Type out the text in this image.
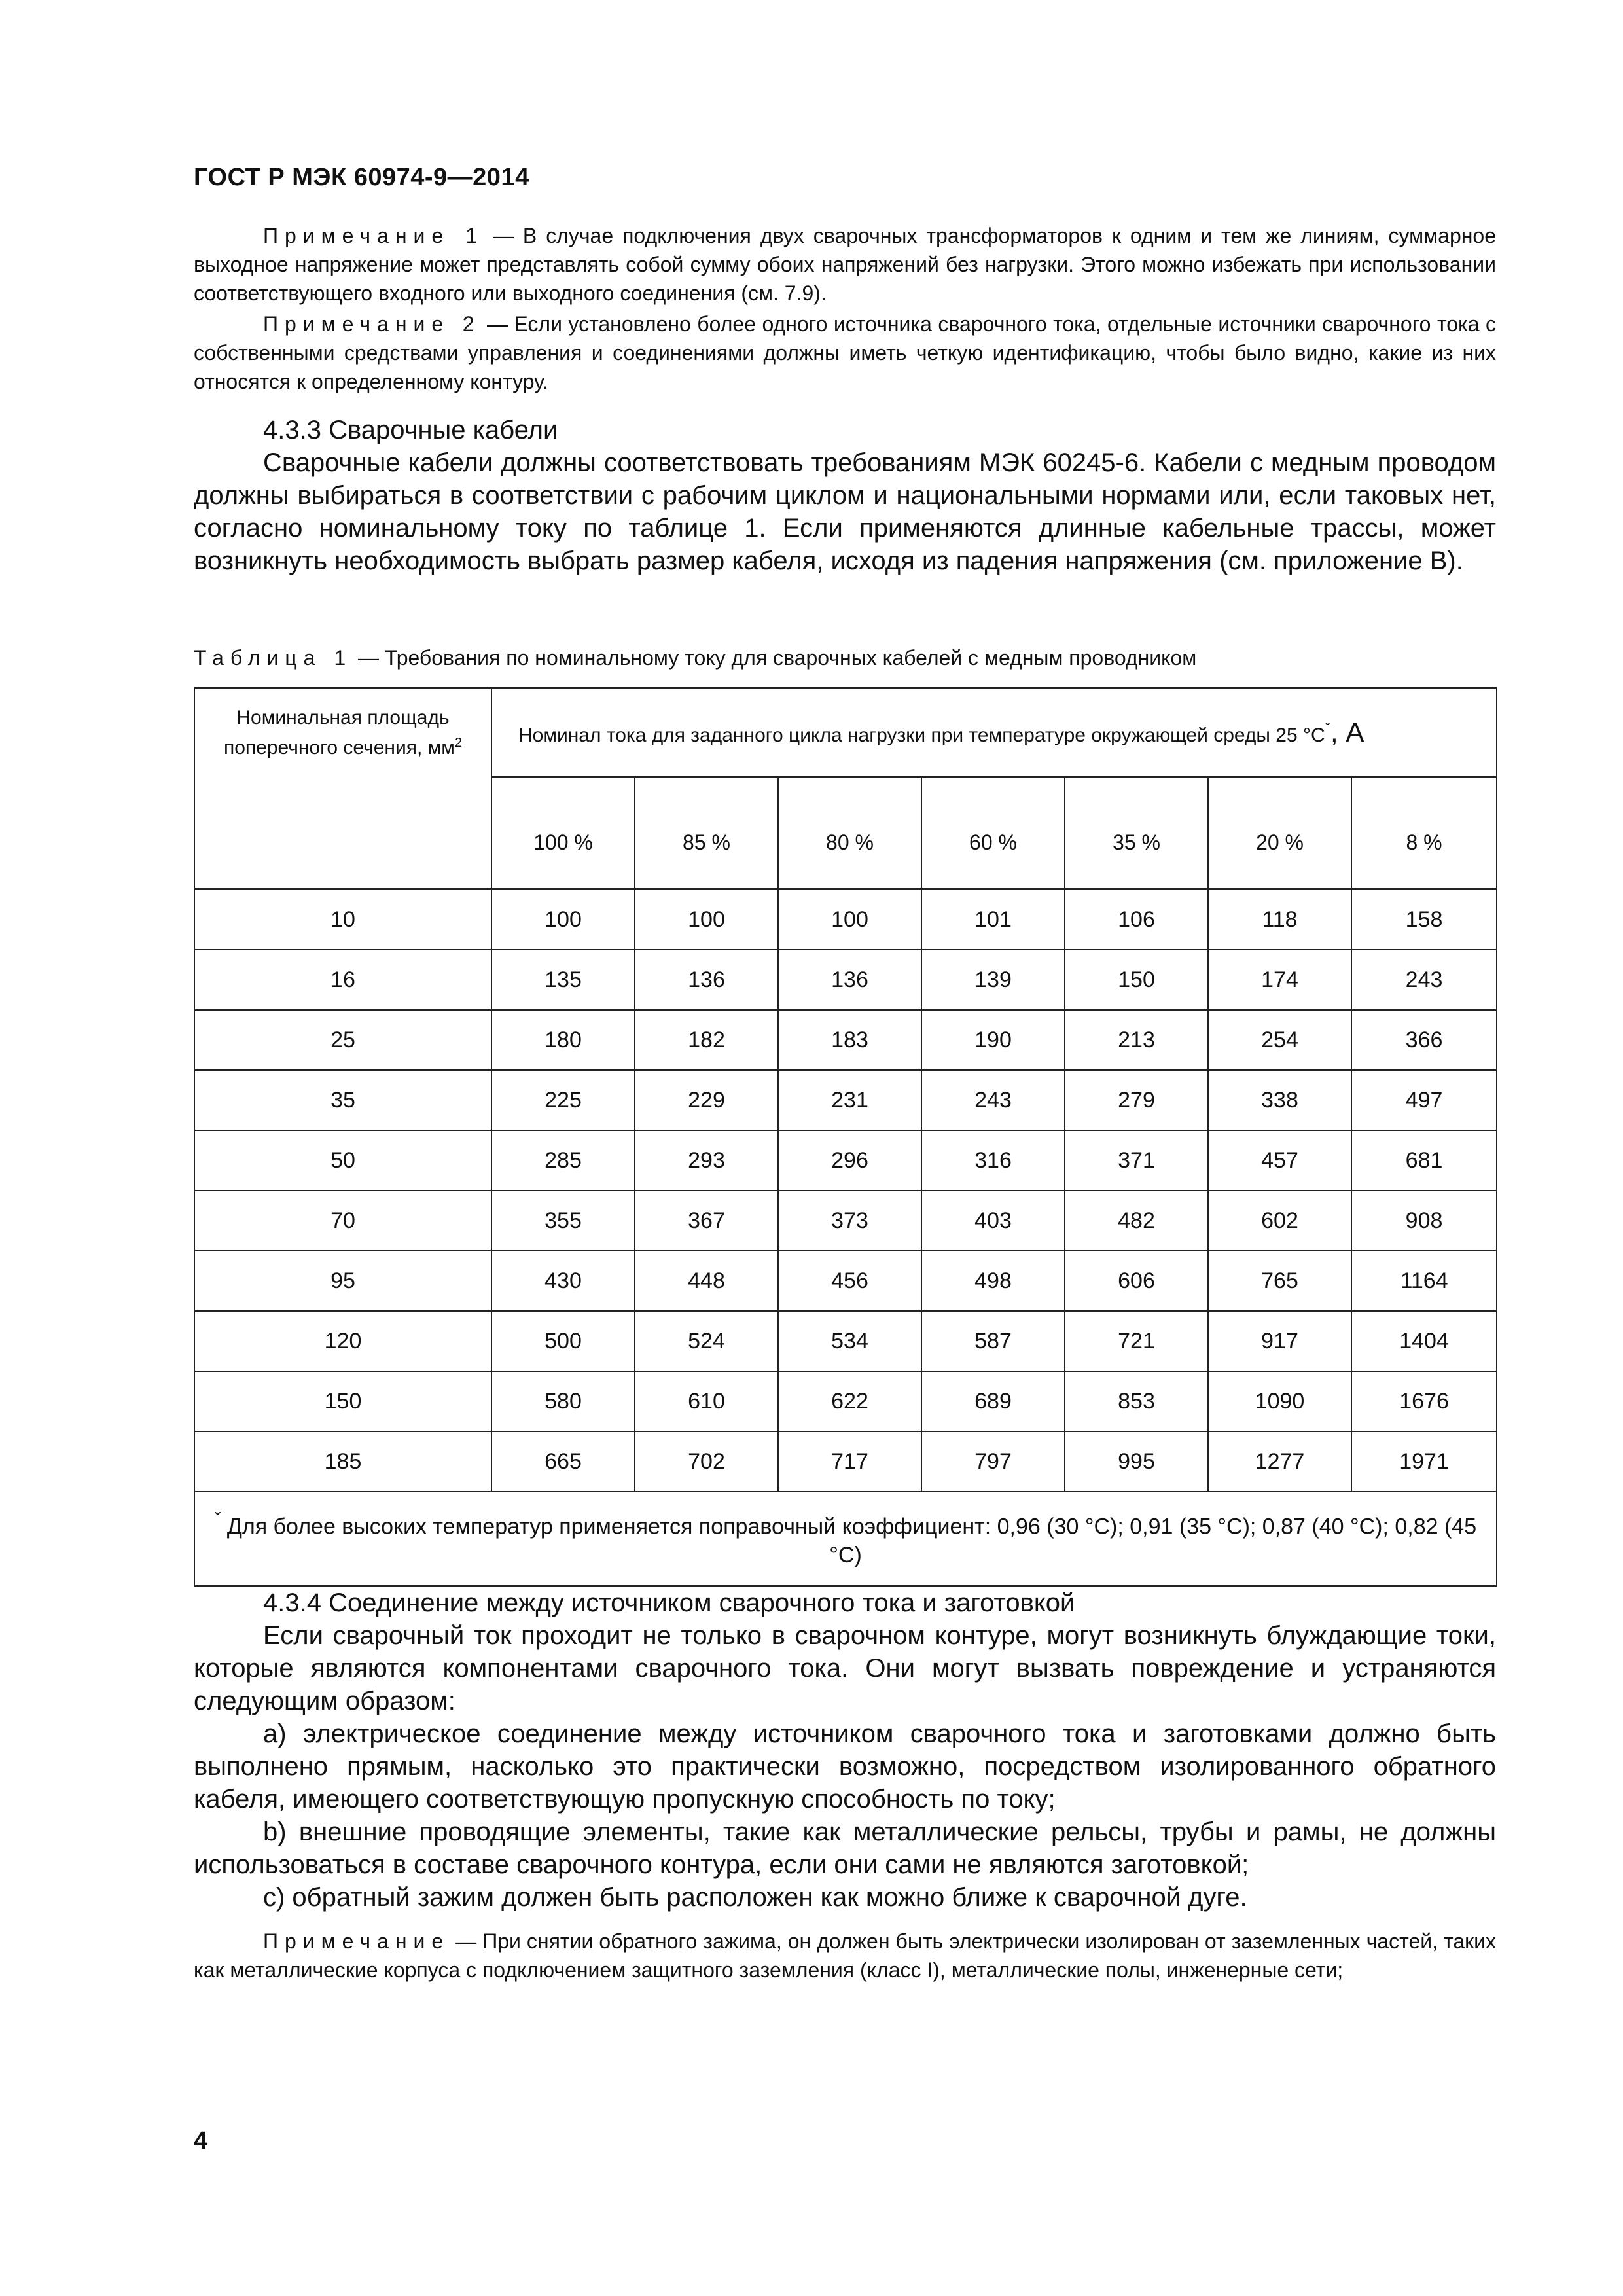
ГОСТ Р МЭК 60974-9—2014

Примечание 1 — В случае подключения двух сварочных трансформаторов к одним и тем же линиям, суммарное выходное напряжение может представлять собой сумму обоих напряжений без нагрузки. Этого можно избежать при использовании соответствующего входного или выходного соединения (см. 7.9).

Примечание 2 — Если установлено более одного источника сварочного тока, отдельные источники сварочного тока с собственными средствами управления и соединениями должны иметь четкую идентификацию, чтобы было видно, какие из них относятся к определенному контуру.

4.3.3 Сварочные кабели

Сварочные кабели должны соответствовать требованиям МЭК 60245-6. Кабели с медным проводом должны выбираться в соответствии с рабочим циклом и национальными нормами или, если таковых нет, согласно номинальному току по таблице 1. Если применяются длинные кабельные трассы, может возникнуть необходимость выбрать размер кабеля, исходя из падения напряжения (см. приложение В).

Таблица 1 — Требования по номинальному току для сварочных кабелей с медным проводником
Номинальная площадь поперечного сечения, $мм^2$	Номинал тока для заданного цикла нагрузки при температуре окружающей среды 25 $^\circ C^ˇ$, А						
	100 %	85 %	80 %	60 %	35 %	20 %	8 %

10	100	100	100	101	106	118	158
16	135	136	136	139	150	174	243
25	180	182	183	190	213	254	366
35	225	229	231	243	279	338	497
50	285	293	296	316	371	457	681
70	355	367	373	403	482	602	908
95	430	448	456	498	606	765	1164
120	500	524	534	587	721	917	1404
150	580	610	622	689	853	1090	1676
185	665	702	717	797	995	1277	1971
$^ˇ$ Для более высоких температур применяется поправочный коэффициент: 0,96 (30 °C); 0,91 (35 °C); 0,87 (40 °C); 0,82 (45 °C)							
4.3.4 Соединение между источником сварочного тока и заготовкой

Если сварочный ток проходит не только в сварочном контуре, могут возникнуть блуждающие токи, которые являются компонентами сварочного тока. Они могут вызвать повреждение и устраняются следующим образом:

a) электрическое соединение между источником сварочного тока и заготовками должно быть выполнено прямым, насколько это практически возможно, посредством изолированного обратного кабеля, имеющего соответствующую пропускную способность по току;

b) внешние проводящие элементы, такие как металлические рельсы, трубы и рамы, не должны использоваться в составе сварочного контура, если они сами не являются заготовкой;

c) обратный зажим должен быть расположен как можно ближе к сварочной дуге.

Примечание — При снятии обратного зажима, он должен быть электрически изолирован от заземленных частей, таких как металлические корпуса с подключением защитного заземления (класс I), металлические полы, инженерные сети;

4
